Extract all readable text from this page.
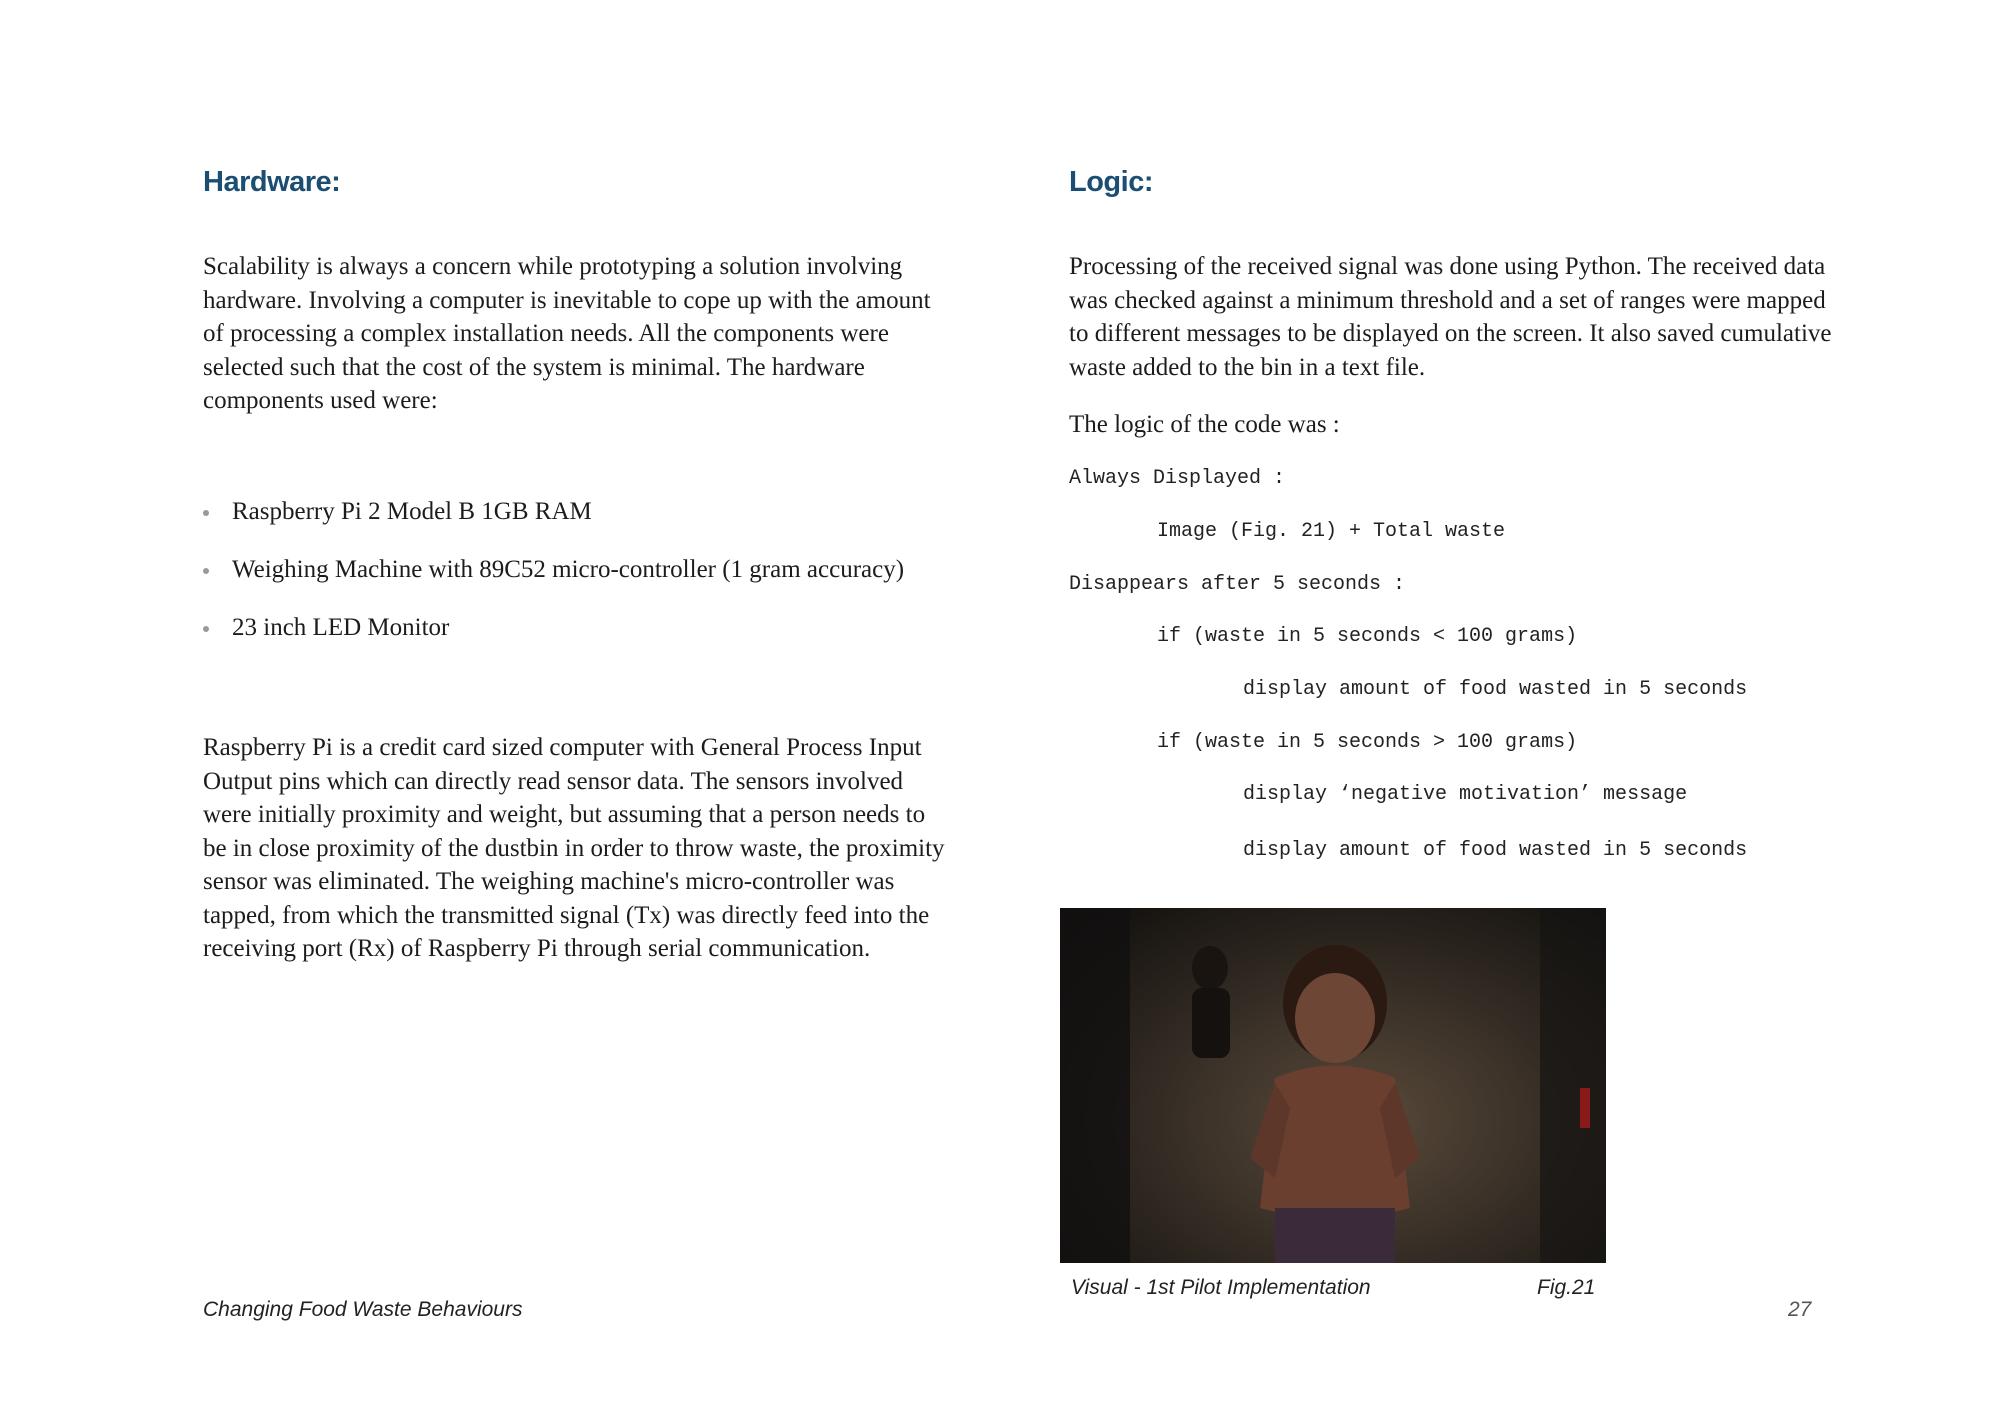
Hardware:
Scalability is always a concern while prototyping a solution involving hardware. Involving a computer is inevitable to cope up with the amount of processing a complex installation needs. All the components were selected such that the cost of the system is minimal. The hardware components used were:
Raspberry Pi 2 Model B 1GB RAM
Weighing Machine with 89C52 micro-controller (1 gram accuracy)
23 inch LED Monitor
Raspberry Pi is a credit card sized computer with General Process Input Output pins which can directly read sensor data. The sensors involved were initially proximity and weight, but assuming that a person needs to be in close proximity of the dustbin in order to throw waste, the proximity sensor was eliminated. The weighing machine's micro-controller was tapped, from which the transmitted signal (Tx) was directly feed into the receiving port (Rx) of Raspberry Pi through serial communication.
Logic:
Processing of the received signal was done using Python. The received data was checked against a minimum threshold and a set of ranges were mapped to different messages to be displayed on the screen. It also saved cumulative waste added to the bin in a text file.
The logic of the code was :
Always Displayed :
Image (Fig. 21) + Total waste
Disappears after 5 seconds :
if (waste in 5 seconds < 100 grams)
display amount of food wasted in 5 seconds
if (waste in 5 seconds > 100 grams)
display ‘negative motivation’ message
display amount of food wasted in 5 seconds
Visual - 1st Pilot Implementation	Fig.21
Changing Food Waste Behaviours	27
